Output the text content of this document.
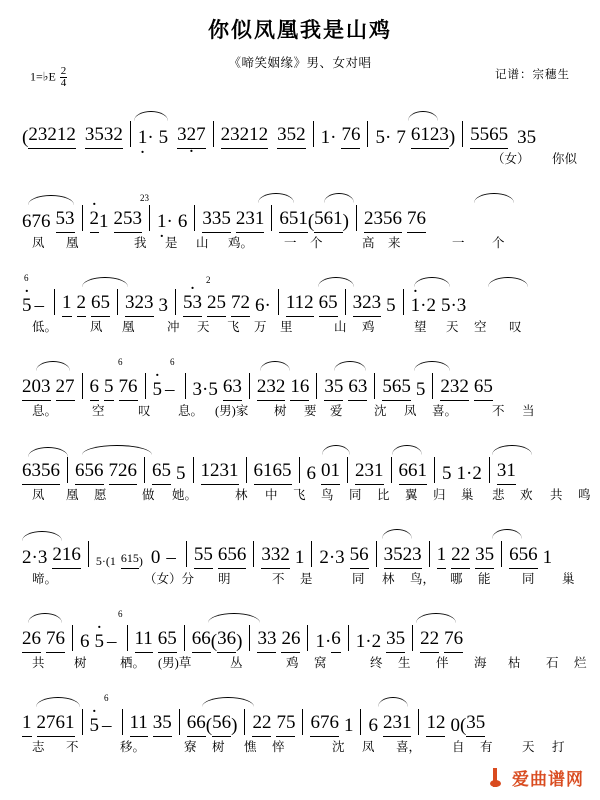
你似凤凰我是山鸡
《啼笑姻缘》男、女对唱
记谱：宗穗生
1=♭E $\frac{2}{4}$
( 23212 3532 1 · · 5 327 · 23212 352 1 · 76 5 · 7 6123 ) 5565 35
（女） 你似
676 53 · 2 1 253 1 · · 6 335 231 651 ( 561 ) 2356 76
23
凤 凰	我 是 山 鸡。 一 个	高 来	一 个
· 5 – 1 2 65 323 3 · 53 25 72 6 · 112 65 323 5 · 1 · 2 5 · 3
6	2
低。	凤 凰	冲 天 飞 万 里	山 鸡	望 天 空 叹
203 27 6 5 76 · 5 – 3 · 5 63 232 16 35 63 565 5 232 65
6	6
息。	空	叹 息。 (男)家 树 要 爱	沈 凤 喜。	不 当
6356 656 726 65 5 1231 6165 6 01 231 661 5 1 · 2 31
凤 凰 愿	做 她。	林 中 飞 鸟 同 比 翼 归 巢 悲 欢 共 鸣
2 · 3 216 5·(1 615 ) 0 – 55 656 332 1 2 · 3 56 3523 1 22 35 656 1
啼。	（女）分 明	不 是	同 林 鸟， 哪 能	同 巢
26 76 6 · 5 – 11 65 66 ( 36 ) 33 26 1 · 6 1 · 2 35 22 76
6
共 树	栖。 (男)草	丛	鸡 窝	终 生 伴 海 枯 石 烂
1 2761 · 5 – 11 35 66 ( 56 ) 22 75 676 1 6 231 12 0 ( 35
6
志 不	移。	寮 树 憔 悴	沈 凤 喜， 自 有 天 打
爱曲谱网
